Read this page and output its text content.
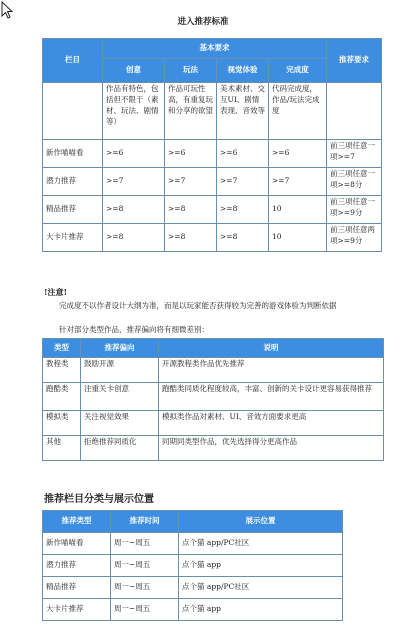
进入推荐标准
栏目	基本要求				推荐要求
	创意	玩法	视觉体验	完成度	
	作品有特色，包括但不限于（素材、玩法、剧情等）	作品可玩性高，有重复玩和分享的欲望	美术素材、交互UI、剧情表现、音效等	代码完成度，作品/玩法完成度	
新作喵喵看	>=6	>=6	>=6	>=6	前三项任意一项>=7
潜力推荐	>=7	>=7	>=7	>=7	前三项任意一项>=8分
精品推荐	>=8	>=8	>=8	10	前三项任意一项>=9分
大卡片推荐	>=8	>=8	>=8	10	前三项任意两项>=9分
!注意!
完成度不以作者设计大纲为准，而是以玩家能否获得较为完善的游戏体验为判断依据
针对部分类型作品，推荐偏向将有细微差别：
类型	推荐偏向	说明
教程类	鼓励开源	开源教程类作品优先推荐
跑酷类	注重关卡创意	跑酷类同质化程度较高，丰富、创新的关卡设计更容易获得推荐
模拟类	关注视觉效果	模拟类作品对素材、UI、音效方面要求更高
其他	拒绝推荐同质化	同期同类型作品，优先选择得分更高作品
推荐栏目分类与展示位置
推荐类型	推荐时间	展示位置
新作喵喵看	周一~周五	点个猫 app/PC社区
潜力推荐	周一~周五	点个猫 app
精品推荐	周一~周五	点个猫 app/PC社区
大卡片推荐	周一~周五	点个猫 app
